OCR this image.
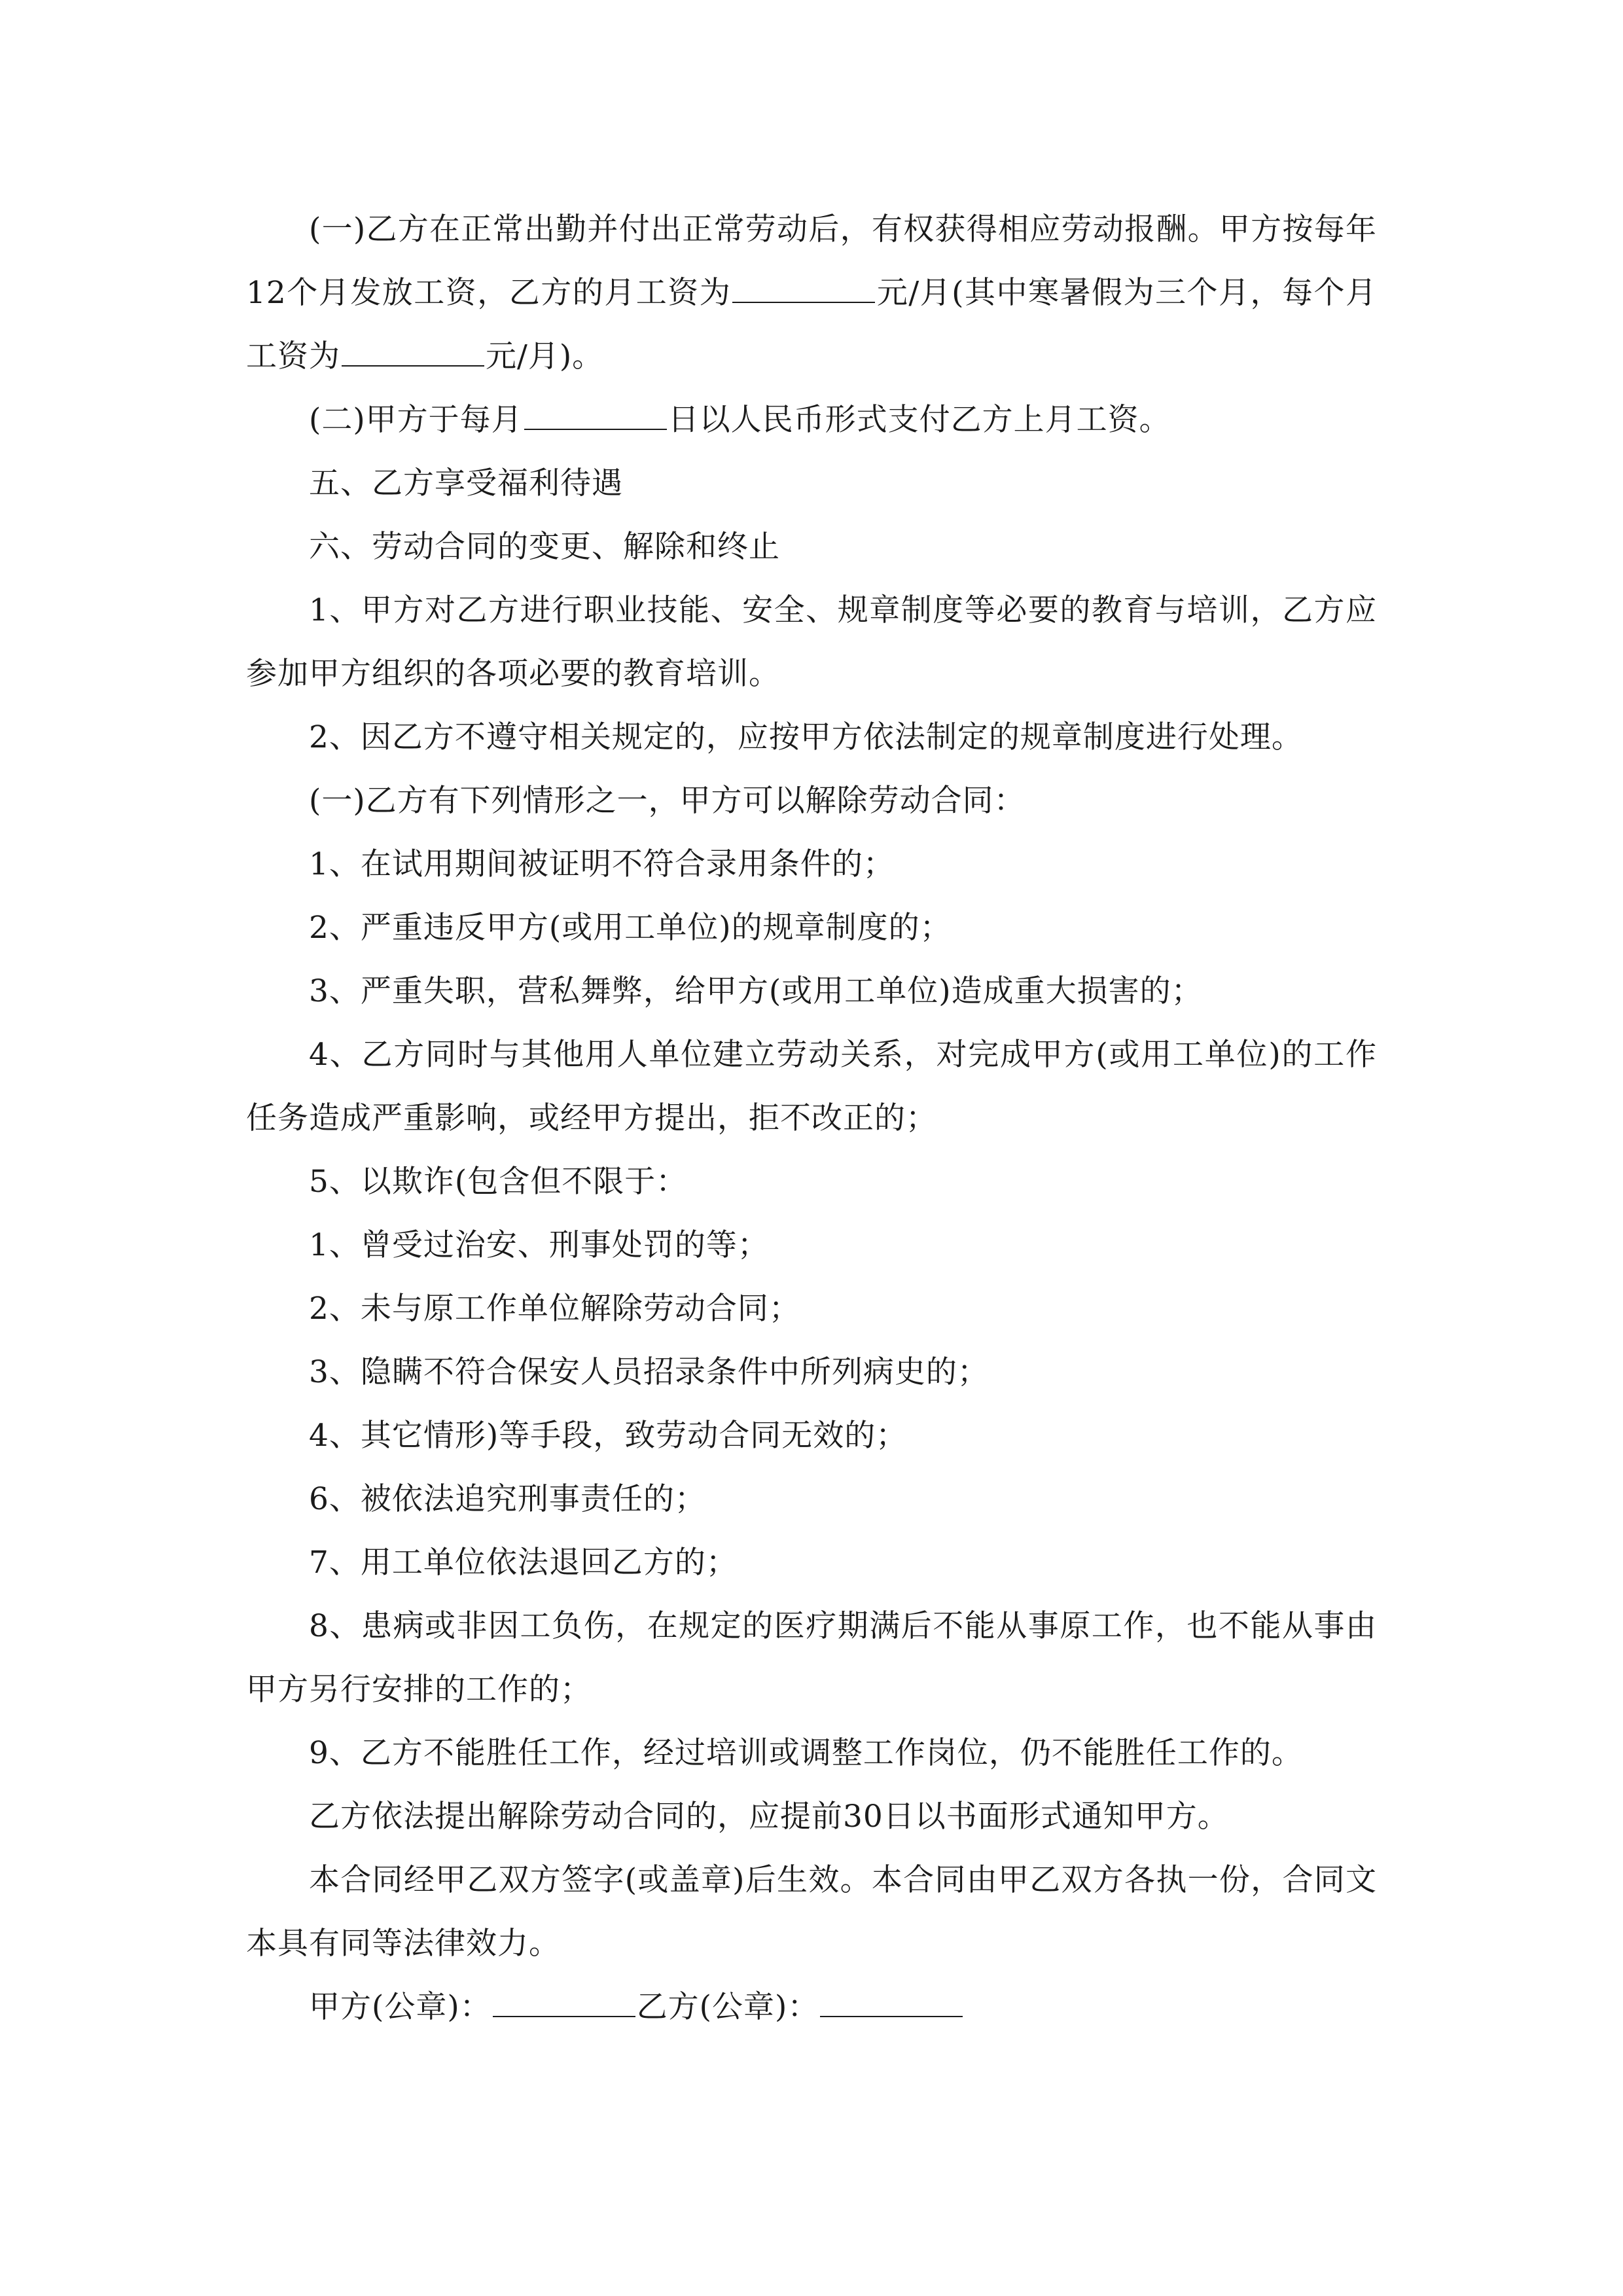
(一)乙方在正常出勤并付出正常劳动后，有权获得相应劳动报酬。甲方按每年12个月发放工资，乙方的月工资为	元/月(其中寒暑假为三个月，每个月工资为	元/月)。

(二)甲方于每月	日以人民币形式支付乙方上月工资。

五、乙方享受福利待遇

六、劳动合同的变更、解除和终止

1、甲方对乙方进行职业技能、安全、规章制度等必要的教育与培训，乙方应参加甲方组织的各项必要的教育培训。

2、因乙方不遵守相关规定的，应按甲方依法制定的规章制度进行处理。

(一)乙方有下列情形之一，甲方可以解除劳动合同：

1、在试用期间被证明不符合录用条件的；

2、严重违反甲方(或用工单位)的规章制度的；

3、严重失职，营私舞弊，给甲方(或用工单位)造成重大损害的；

4、乙方同时与其他用人单位建立劳动关系，对完成甲方(或用工单位)的工作任务造成严重影响，或经甲方提出，拒不改正的；

5、以欺诈(包含但不限于：

1、曾受过治安、刑事处罚的等；

2、未与原工作单位解除劳动合同；

3、隐瞒不符合保安人员招录条件中所列病史的；

4、其它情形)等手段，致劳动合同无效的；

6、被依法追究刑事责任的；

7、用工单位依法退回乙方的；

8、患病或非因工负伤，在规定的医疗期满后不能从事原工作，也不能从事由甲方另行安排的工作的；

9、乙方不能胜任工作，经过培训或调整工作岗位，仍不能胜任工作的。

乙方依法提出解除劳动合同的，应提前30日以书面形式通知甲方。

本合同经甲乙双方签字(或盖章)后生效。本合同由甲乙双方各执一份，合同文本具有同等法律效力。

甲方(公章)：	乙方(公章)：
